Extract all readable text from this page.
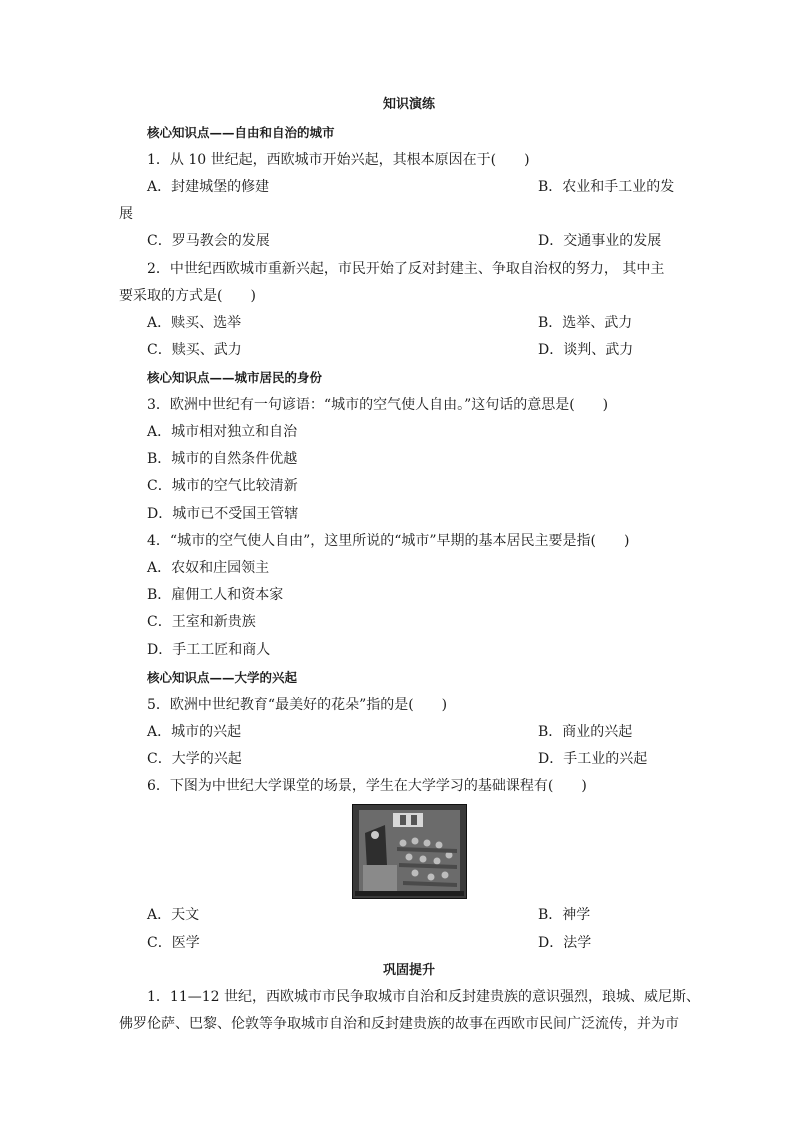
知识演练
核心知识点——自由和自治的城市
1．从 10 世纪起，西欧城市开始兴起，其根本原因在于(　　)
A．封建城堡的修建	B．农业和手工业的发
展
C．罗马教会的发展	D．交通事业的发展
2．中世纪西欧城市重新兴起，市民开始了反对封建主、争取自治权的努力， 其中主
要采取的方式是(　　)
A．赎买、选举	B．选举、武力
C．赎买、武力	D．谈判、武力
核心知识点——城市居民的身份
3．欧洲中世纪有一句谚语：“城市的空气使人自由。”这句话的意思是(　　)
A．城市相对独立和自治
B．城市的自然条件优越
C．城市的空气比较清新
D．城市已不受国王管辖
4．“城市的空气使人自由”，这里所说的“城市”早期的基本居民主要是指(　　)
A．农奴和庄园领主
B．雇佣工人和资本家
C．王室和新贵族
D．手工工匠和商人
核心知识点——大学的兴起
5．欧洲中世纪教育“最美好的花朵”指的是(　　)
A．城市的兴起	B．商业的兴起
C．大学的兴起	D．手工业的兴起
6．下图为中世纪大学课堂的场景，学生在大学学习的基础课程有(　　)
A．天文	B．神学
C．医学	D．法学
巩固提升
1．11—12 世纪，西欧城市市民争取城市自治和反封建贵族的意识强烈，琅城、威尼斯、
佛罗伦萨、巴黎、伦敦等争取城市自治和反封建贵族的故事在西欧市民间广泛流传，并为市
